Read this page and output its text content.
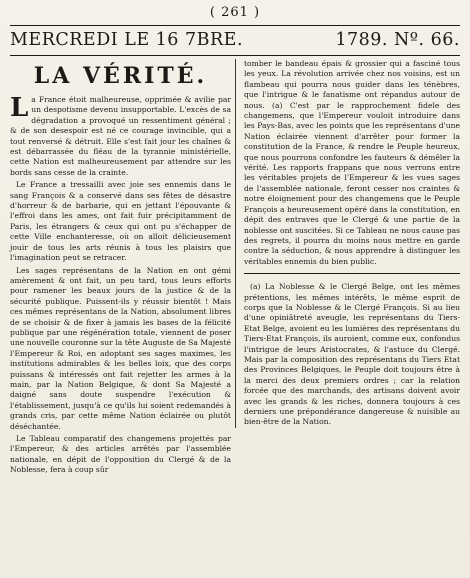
( 261 )
MERCREDI LE 16 7BRE.	1789. Nº. 66.
LA VÉRITÉ.

La France étoit malheureuse, opprimée & avilie par un despotisme devenu insupportable. L'excès de sa dégradation a provoqué un ressentiment général ; & de son desespoir est né ce courage invincible, qui a tout renversé & détruit. Elle s'est fait jour les chaînes & est débarrassée du fléau de la tyrannie ministérielle, cette Nation est malheureusement par attendre sur les bords sans cesse de la crainte.

Le France a tressailli avec joie ses ennemis dans le sang François & a conservé dans ses fêtes de désastre d'horreur & de barbarie, qui en jettant l'épouvante & l'effroi dans les ames, ont fait fuir précipitamment de Paris, les étrangers & ceux qui ont pu s'échapper de cette Ville enchanteresse, où on alloit délicieusement jouir de tous les arts réunis à tous les plaisirs que l'imagination peut se retracer.

Les sages représentans de la Nation en ont gémi amèrement & ont fait, un peu tard, tous leurs efforts pour ramener les beaux jours de la justice & de la sécurité publique. Puissent-ils y réussir bientôt ! Mais ces mêmes représentans de la Nation, absolument libres de se choisir & de fixer à jamais les bases de la félicité publique par une régénération totale, viennent de poser une nouvelle couronne sur la tête Auguste de Sa Majesté l'Empereur & Roi, en adoptant ses sages maximes, les institutions admirables & les belles loix, que des corps puissans & intéressés ont fait rejetter les armes à la main, par la Nation Belgique, & dont Sa Majesté a daigné sans doute suspendre l'exécution & l'établissement, jusqu'à ce qu'ils lui soient redemandés à grands cris, par cette même Nation éclairée ou plutôt déséchantée.

Le Tableau comparatif des changemens projettés par l'Empereur, & des articles arrêtés par l'assemblée nationale, en dépit de l'opposition du Clergé & de la Noblesse, fera à coup sûr

tomber le bandeau épais & grossier qui a fasciné tous les yeux. La révolution arrivée chez nos voisins, est un flambeau qui pourra nous guider dans les ténèbres, que l'intrigue & le fanatisme ont répandus autour de nous. (a) C'est par le rapprochement fidele des changemens, que l'Empereur vouloit introduire dans les Pays-Bas, avec les points que les représentans d'une Nation éclairée viennent d'arrêter pour former la constitution de la France, & rendre le Peuple heureux, que nous pourrons confondre les fauteurs & démêler la vérité. Les rapports frappans que nous verrons entre les véritables projets de l'Empereur & les vues sages de l'assemblée nationale, feront cesser nos craintes & notre éloignement pour des changemens que le Peuple François a heureusement opéré dans la constitution, en dépit des entraves que le Clergé & une partie de la noblesse ont suscitées. Si ce Tableau ne nous cause pas des regrets, il pourra du moins nous mettre en garde contre la séduction, & nous apprendre à distinguer les véritables ennemis du bien public.

(a) La Noblesse & le Clergé Belge, ont les mêmes prétentions, les mêmes intérêts, le même esprit de corps que la Noblesse & le Clergé François. Si au lieu d'une opiniâtreté aveugle, les représentans du Tiers-Etat Belge, avoient eu les lumières des représentans du Tiers-Etat François, ils auroient, comme eux, confondus l'intrigue de leurs Aristocrates, & l'astuce du Clergé. Mais par la composition des représentans du Tiers Etat des Provinces Belgiques, le Peuple doit toujours être à la merci des deux premiers ordres ; car la relation forcée que des marchands, des artisans doivent avoir avec les grands & les riches, donnera toujours à ces derniers une prépondérance dangereuse & nuisible au bien-être de la Nation.
